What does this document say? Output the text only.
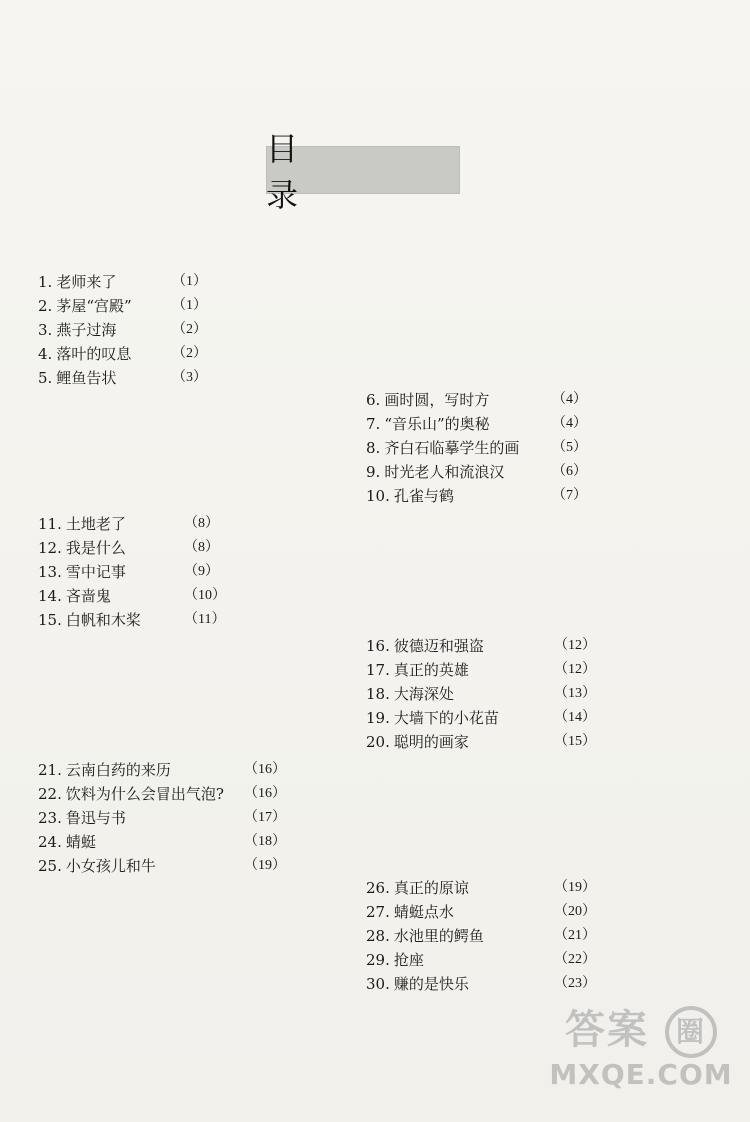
目 录
1. 老师来了	（1）
2. 茅屋“宫殿”	（1）
3. 燕子过海	（2）
4. 落叶的叹息	（2）
5. 鲤鱼告状	（3）
6. 画时圆，写时方	（4）
7. “音乐山”的奥秘	（4）
8. 齐白石临摹学生的画 （5）
9. 时光老人和流浪汉	（6）
10. 孔雀与鹤	（7）
11. 土地老了	（8）
12. 我是什么	（8）
13. 雪中记事	（9）
14. 吝啬鬼	（10）
15. 白帆和木桨	（11）
16. 彼德迈和强盗	（12）
17. 真正的英雄	（12）
18. 大海深处	（13）
19. 大墙下的小花苗	（14）
20. 聪明的画家	（15）
21. 云南白药的来历	（16）
22. 饮料为什么会冒出气泡? （16）
23. 鲁迅与书	（17）
24. 蜻蜓	（18）
25. 小女孩儿和牛	（19）
26. 真正的原谅	（19）
27. 蜻蜓点水	（20）
28. 水池里的鳄鱼	（21）
29. 抢座	（22）
30. 赚的是快乐	（23）
答案 圈
MXQE.COM
